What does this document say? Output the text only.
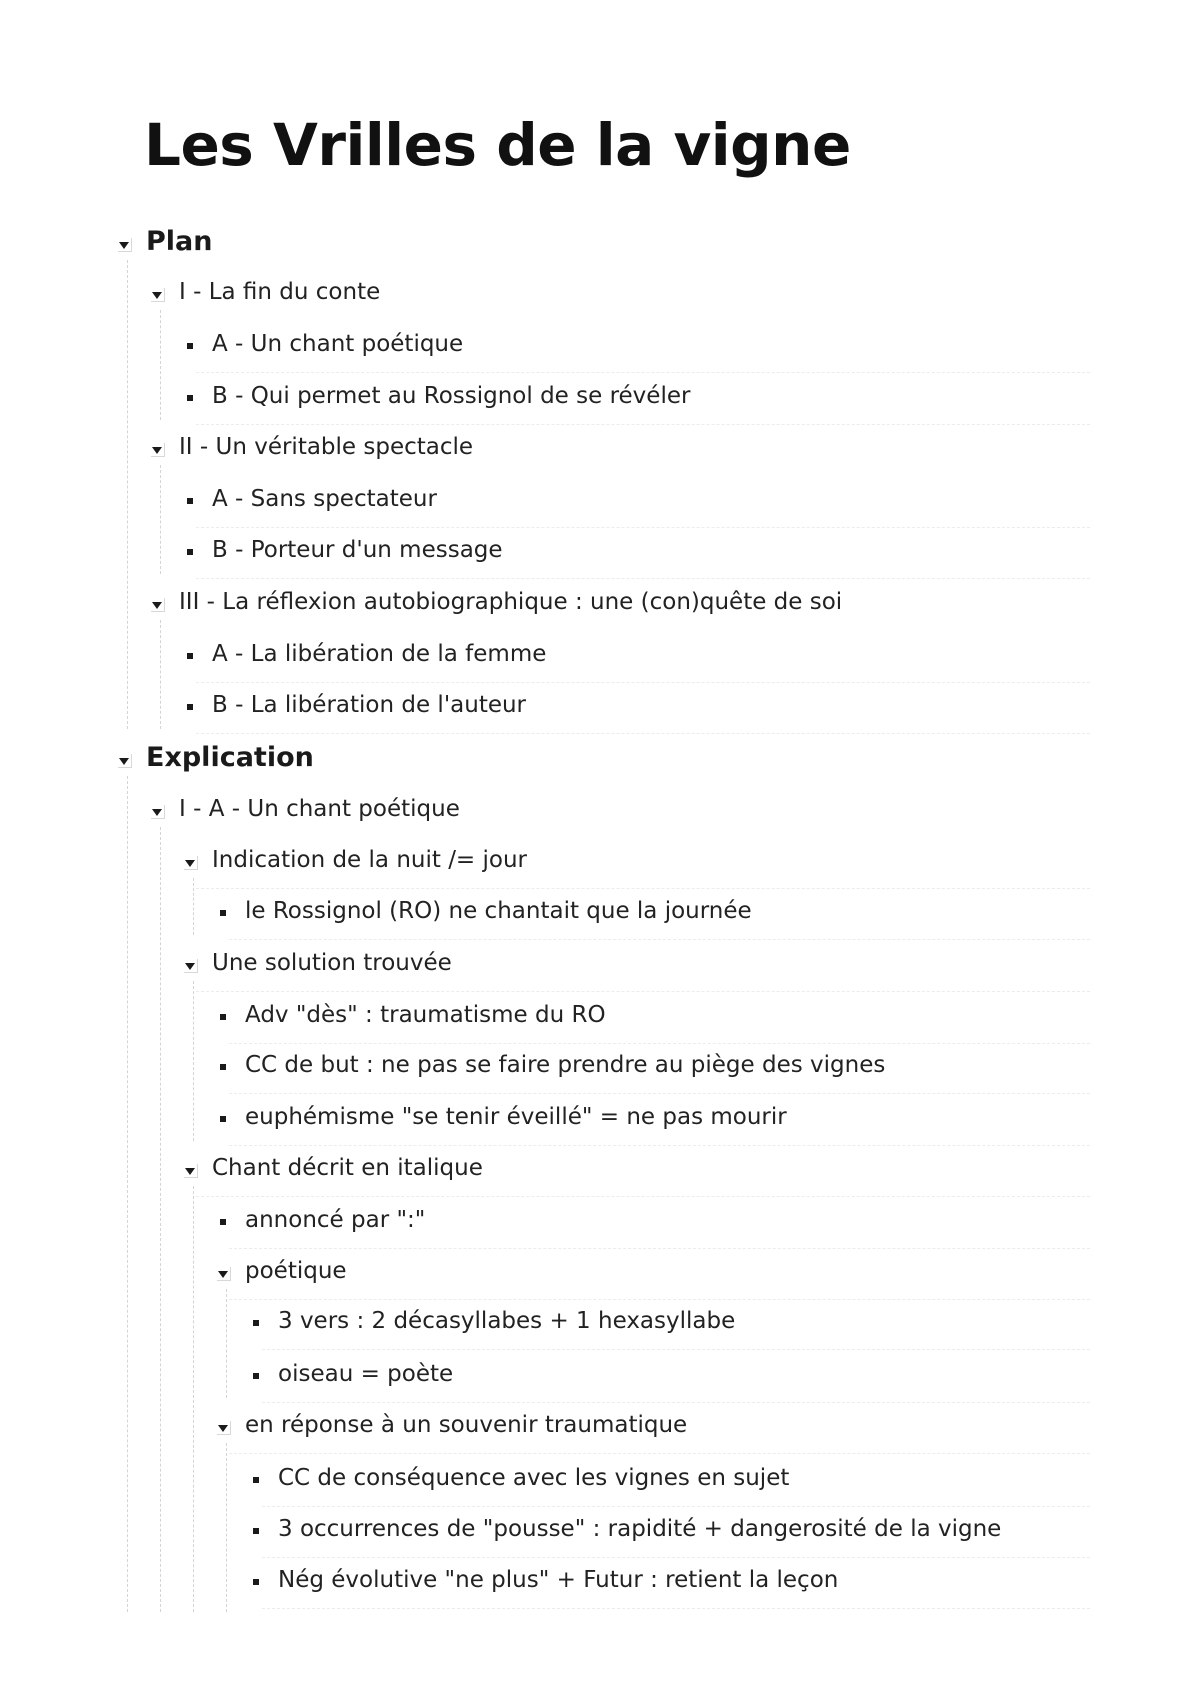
Les Vrilles de la vigne
Plan
I - La fin du conte
A - Un chant poétique
B - Qui permet au Rossignol de se révéler
II - Un véritable spectacle
A - Sans spectateur
B - Porteur d'un message
III - La réflexion autobiographique : une (con)quête de soi
A - La libération de la femme
B - La libération de l'auteur
Explication
I - A - Un chant poétique
Indication de la nuit /= jour
le Rossignol (RO) ne chantait que la journée
Une solution trouvée
Adv "dès" : traumatisme du RO
CC de but : ne pas se faire prendre au piège des vignes
euphémisme "se tenir éveillé" = ne pas mourir
Chant décrit en italique
annoncé par ":"
poétique
3 vers : 2 décasyllabes + 1 hexasyllabe
oiseau = poète
en réponse à un souvenir traumatique
CC de conséquence avec les vignes en sujet
3 occurrences de "pousse" : rapidité + dangerosité de la vigne
Nég évolutive "ne plus" + Futur : retient la leçon
